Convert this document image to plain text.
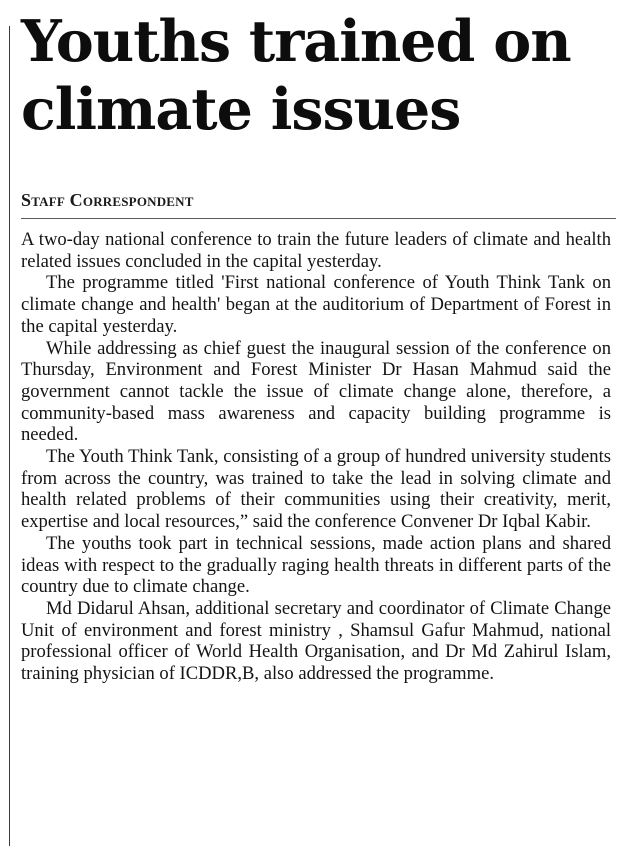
Youths trained on
climate issues

Staff Correspondent

A two-day national conference to train the future leaders of climate and health related issues concluded in the capital yesterday.

The programme titled 'First national conference of Youth Think Tank on climate change and health' began at the auditorium of Department of Forest in the capital yesterday.

While addressing as chief guest the inaugural session of the conference on Thursday, Environment and Forest Minister Dr Hasan Mahmud said the government cannot tackle the issue of climate change alone, therefore, a community-based mass awareness and capacity building programme is needed.

The Youth Think Tank, consisting of a group of hundred university students from across the country, was trained to take the lead in solving climate and health related problems of their communities using their creativity, merit, expertise and local resources,” said the conference Convener Dr Iqbal Kabir.

The youths took part in technical sessions, made action plans and shared ideas with respect to the gradually raging health threats in different parts of the country due to climate change.

Md Didarul Ahsan, additional secretary and coordinator of Climate Change Unit of environment and forest ministry , Shamsul Gafur Mahmud, national professional officer of World Health Organisation, and Dr Md Zahirul Islam, training physician of ICDDR,B, also addressed the programme.
